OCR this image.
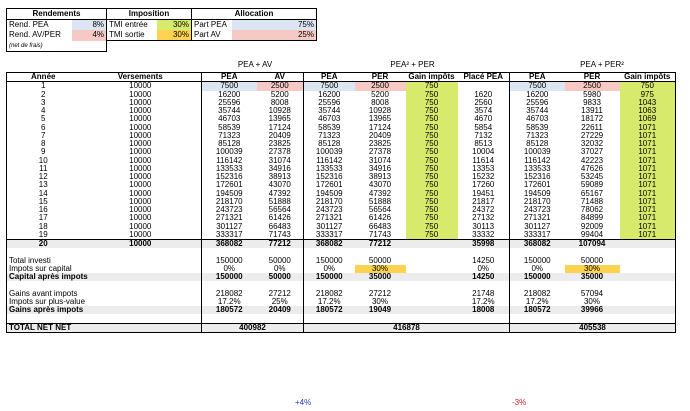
Rendements		Imposition		Allocation	
Rend. PEA	8%	TMI entrée	30%	Part PEA	75%
Rend. AV/PER	4%	TMI sortie	30%	Part AV	25%
(net de frais)					
PEA + AV	PEA² + PER	PEA + PER²
Année	Versements	PEA	AV	PEA	PER	Gain impôts	Placé PEA	PEA	PER	Gain impôts
1	10000	7500	2500	7500	2500	750		7500	2500	750
2	10000	16200	5200	16200	5200	750	1620	16200	5980	975
3	10000	25596	8008	25596	8008	750	2560	25596	9833	1043
4	10000	35744	10928	35744	10928	750	3574	35744	13911	1063
5	10000	46703	13965	46703	13965	750	4670	46703	18172	1069
6	10000	58539	17124	58539	17124	750	5854	58539	22611	1071
7	10000	71323	20409	71323	20409	750	7132	71323	27229	1071
8	10000	85128	23825	85128	23825	750	8513	85128	32032	1071
9	10000	100039	27378	100039	27378	750	10004	100039	37027	1071
10	10000	116142	31074	116142	31074	750	11614	116142	42223	1071
11	10000	133533	34916	133533	34916	750	13353	133533	47626	1071
12	10000	152316	38913	152316	38913	750	15232	152316	53245	1071
13	10000	172601	43070	172601	43070	750	17260	172601	59089	1071
14	10000	194509	47392	194509	47392	750	19451	194509	65167	1071
15	10000	218170	51888	218170	51888	750	21817	218170	71488	1071
16	10000	243723	56564	243723	56564	750	24372	243723	78062	1071
17	10000	271321	61426	271321	61426	750	27132	271321	84899	1071
18	10000	301127	66483	301127	66483	750	30113	301127	92009	1071
19	10000	333317	71743	333317	71743	750	33332	333317	99404	1071
20	10000	368082	77212	368082	77212		35998	368082	107094	

Total investi		150000	50000	150000	50000		14250	150000	50000	
Impots sur capital		0%	0%	0%	30%		0%	0%	30%	
Capital après impots		150000	50000	150000	35000		14250	150000	35000	

Gains avant impots		218082	27212	218082	27212		21748	218082	57094	
Impots sur plus-value		17.2%	25%	17.2%	30%		17.2%	17.2%	30%	
Gains après impots		180572	20409	180572	19049		18008	180572	39966	

TOTAL NET NET		400982		416878				405538		
+4%	-3%
